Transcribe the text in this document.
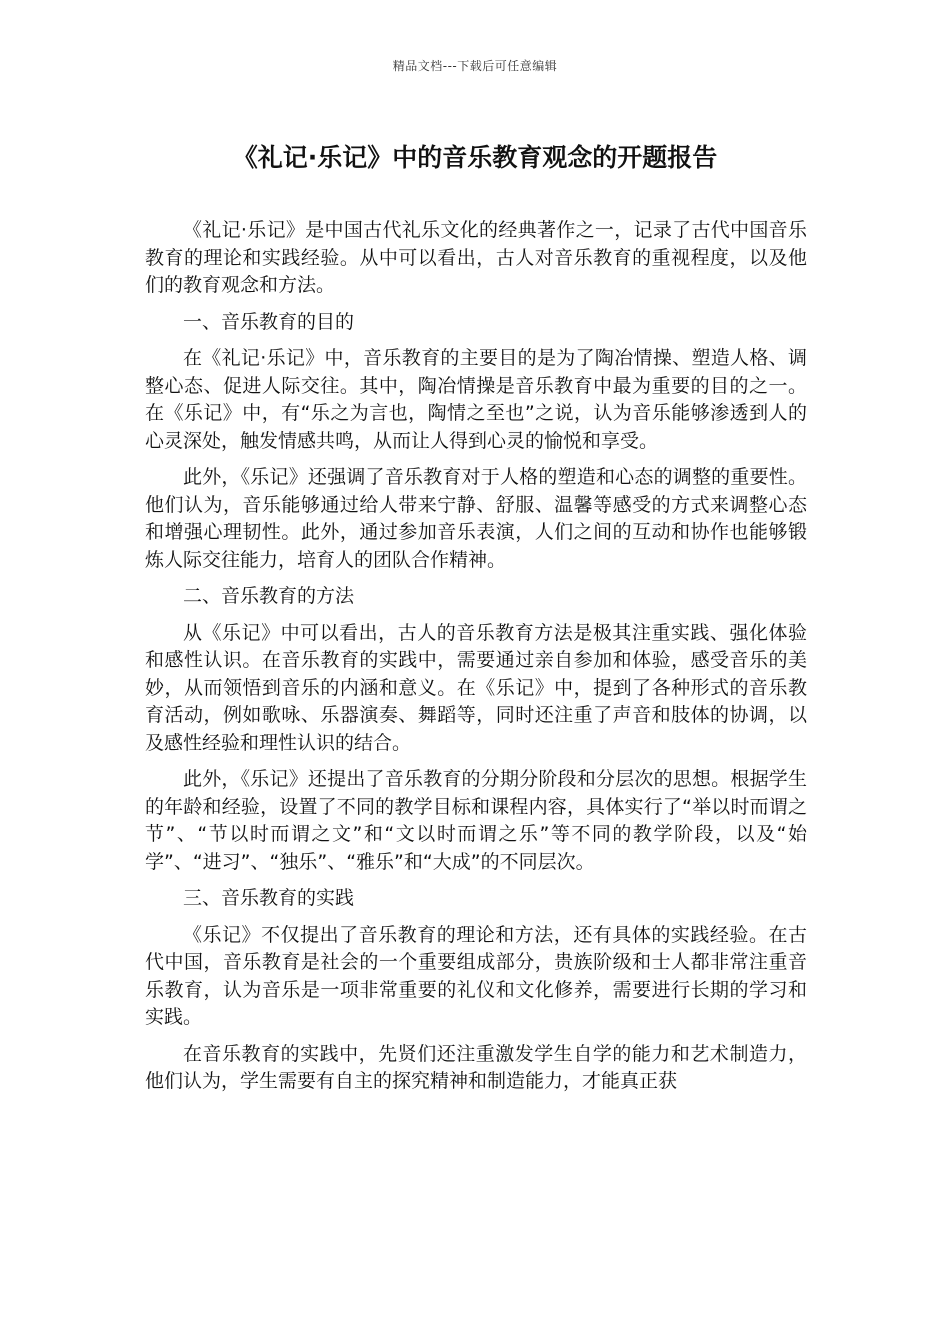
精品文档---下载后可任意编辑
《礼记·乐记》中的音乐教育观念的开题报告

《礼记·乐记》是中国古代礼乐文化的经典著作之一，记录了古代中国音乐教育的理论和实践经验。从中可以看出，古人对音乐教育的重视程度，以及他们的教育观念和方法。

一、音乐教育的目的

在《礼记·乐记》中，音乐教育的主要目的是为了陶冶情操、塑造人格、调整心态、促进人际交往。其中，陶冶情操是音乐教育中最为重要的目的之一。在《乐记》中，有“乐之为言也，陶情之至也”之说，认为音乐能够渗透到人的心灵深处，触发情感共鸣，从而让人得到心灵的愉悦和享受。

此外，《乐记》还强调了音乐教育对于人格的塑造和心态的调整的重要性。他们认为，音乐能够通过给人带来宁静、舒服、温馨等感受的方式来调整心态和增强心理韧性。此外，通过参加音乐表演，人们之间的互动和协作也能够锻炼人际交往能力，培育人的团队合作精神。

二、音乐教育的方法

从《乐记》中可以看出，古人的音乐教育方法是极其注重实践、强化体验和感性认识。在音乐教育的实践中，需要通过亲自参加和体验，感受音乐的美妙，从而领悟到音乐的内涵和意义。在《乐记》中，提到了各种形式的音乐教育活动，例如歌咏、乐器演奏、舞蹈等，同时还注重了声音和肢体的协调，以及感性经验和理性认识的结合。

此外，《乐记》还提出了音乐教育的分期分阶段和分层次的思想。根据学生的年龄和经验，设置了不同的教学目标和课程内容，具体实行了“举以时而谓之节”、“节以时而谓之文”和“文以时而谓之乐”等不同的教学阶段，以及“始学”、“进习”、“独乐”、“雅乐”和“大成”的不同层次。

三、音乐教育的实践

《乐记》不仅提出了音乐教育的理论和方法，还有具体的实践经验。在古代中国，音乐教育是社会的一个重要组成部分，贵族阶级和士人都非常注重音乐教育，认为音乐是一项非常重要的礼仪和文化修养，需要进行长期的学习和实践。

在音乐教育的实践中，先贤们还注重激发学生自学的能力和艺术制造力，他们认为，学生需要有自主的探究精神和制造能力，才能真正获
